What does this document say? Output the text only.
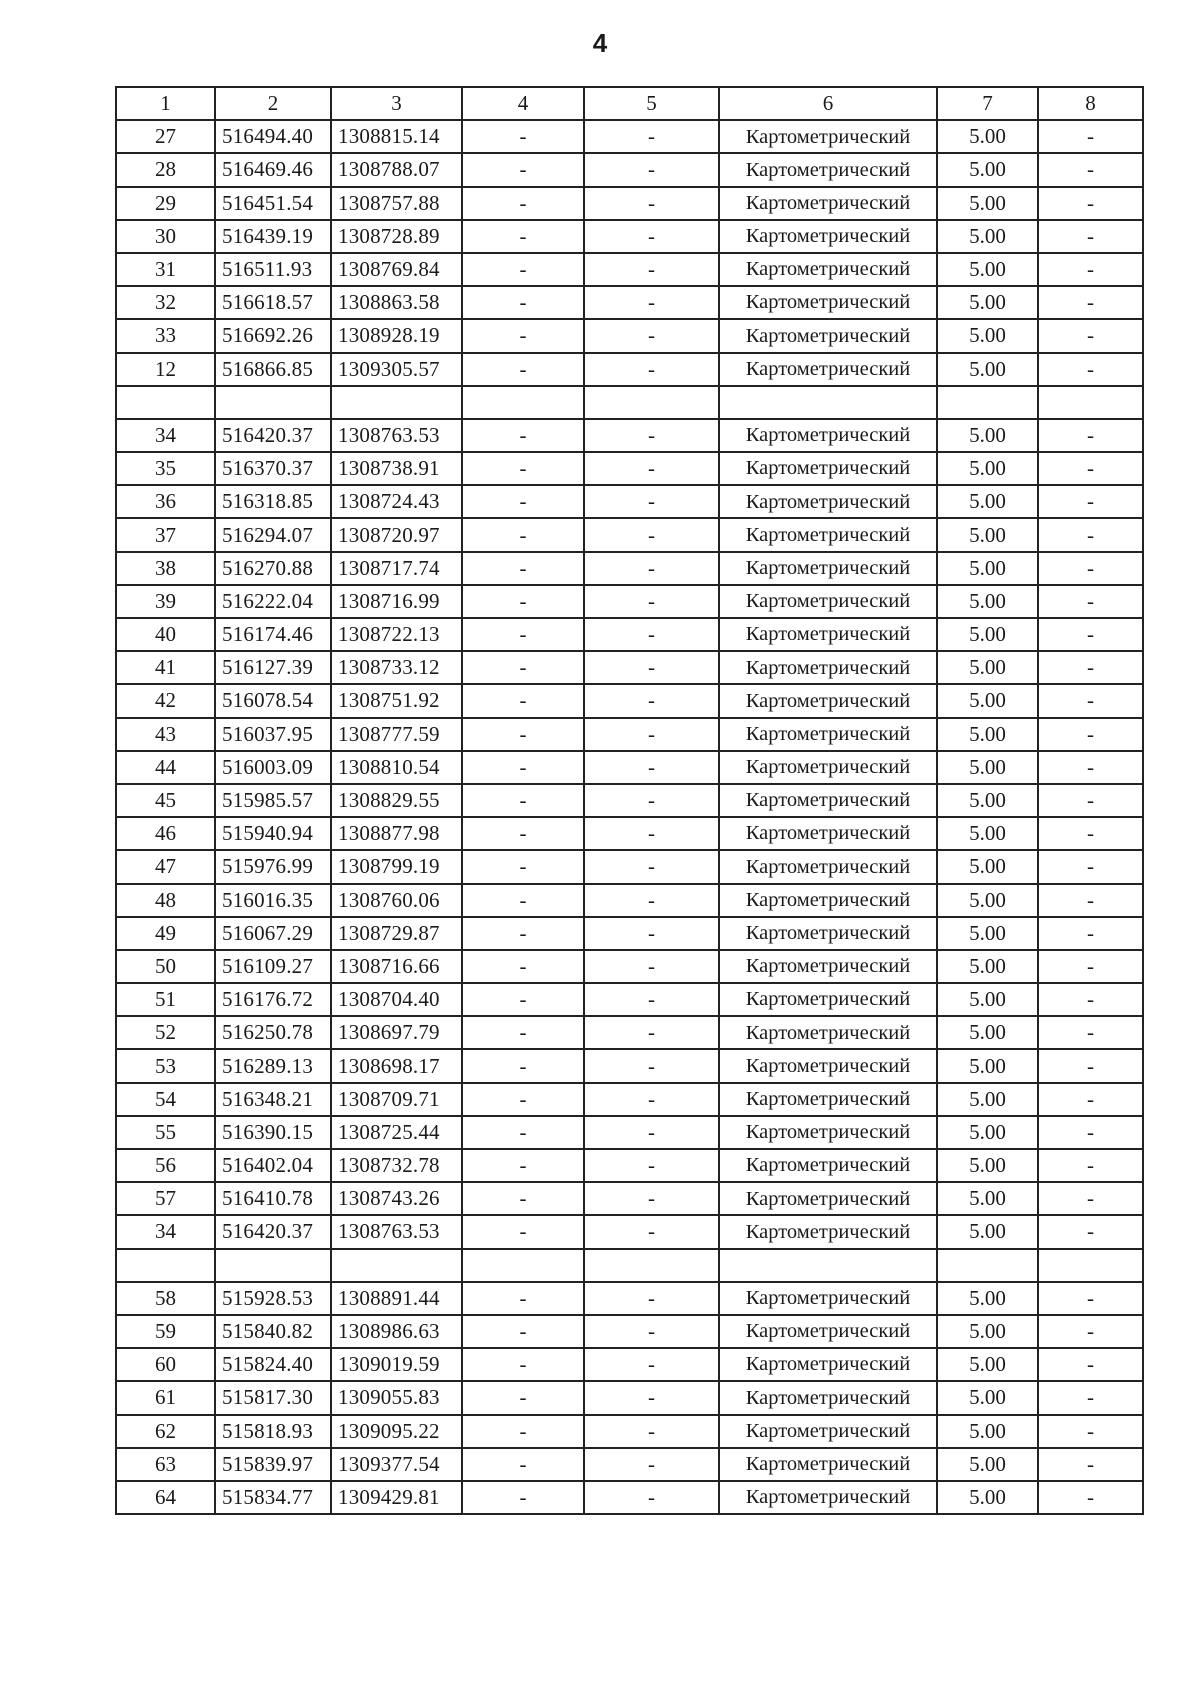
4
1	2	3	4	5	6	7	8
27	516494.40	1308815.14	-	-	Картометрический	5.00	-
28	516469.46	1308788.07	-	-	Картометрический	5.00	-
29	516451.54	1308757.88	-	-	Картометрический	5.00	-
30	516439.19	1308728.89	-	-	Картометрический	5.00	-
31	516511.93	1308769.84	-	-	Картометрический	5.00	-
32	516618.57	1308863.58	-	-	Картометрический	5.00	-
33	516692.26	1308928.19	-	-	Картометрический	5.00	-
12	516866.85	1309305.57	-	-	Картометрический	5.00	-

34	516420.37	1308763.53	-	-	Картометрический	5.00	-
35	516370.37	1308738.91	-	-	Картометрический	5.00	-
36	516318.85	1308724.43	-	-	Картометрический	5.00	-
37	516294.07	1308720.97	-	-	Картометрический	5.00	-
38	516270.88	1308717.74	-	-	Картометрический	5.00	-
39	516222.04	1308716.99	-	-	Картометрический	5.00	-
40	516174.46	1308722.13	-	-	Картометрический	5.00	-
41	516127.39	1308733.12	-	-	Картометрический	5.00	-
42	516078.54	1308751.92	-	-	Картометрический	5.00	-
43	516037.95	1308777.59	-	-	Картометрический	5.00	-
44	516003.09	1308810.54	-	-	Картометрический	5.00	-
45	515985.57	1308829.55	-	-	Картометрический	5.00	-
46	515940.94	1308877.98	-	-	Картометрический	5.00	-
47	515976.99	1308799.19	-	-	Картометрический	5.00	-
48	516016.35	1308760.06	-	-	Картометрический	5.00	-
49	516067.29	1308729.87	-	-	Картометрический	5.00	-
50	516109.27	1308716.66	-	-	Картометрический	5.00	-
51	516176.72	1308704.40	-	-	Картометрический	5.00	-
52	516250.78	1308697.79	-	-	Картометрический	5.00	-
53	516289.13	1308698.17	-	-	Картометрический	5.00	-
54	516348.21	1308709.71	-	-	Картометрический	5.00	-
55	516390.15	1308725.44	-	-	Картометрический	5.00	-
56	516402.04	1308732.78	-	-	Картометрический	5.00	-
57	516410.78	1308743.26	-	-	Картометрический	5.00	-
34	516420.37	1308763.53	-	-	Картометрический	5.00	-

58	515928.53	1308891.44	-	-	Картометрический	5.00	-
59	515840.82	1308986.63	-	-	Картометрический	5.00	-
60	515824.40	1309019.59	-	-	Картометрический	5.00	-
61	515817.30	1309055.83	-	-	Картометрический	5.00	-
62	515818.93	1309095.22	-	-	Картометрический	5.00	-
63	515839.97	1309377.54	-	-	Картометрический	5.00	-
64	515834.77	1309429.81	-	-	Картометрический	5.00	-
